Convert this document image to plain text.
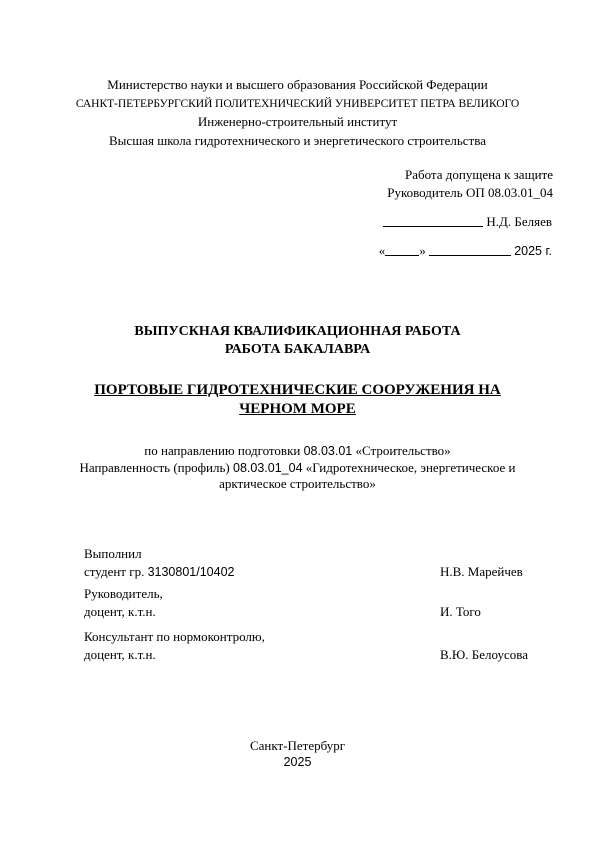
Министерство науки и высшего образования Российской Федерации
САНКТ-ПЕТЕРБУРГСКИЙ ПОЛИТЕХНИЧЕСКИЙ УНИВЕРСИТЕТ ПЕТРА ВЕЛИКОГО
Инженерно-строительный институт
Высшая школа гидротехнического и энергетического строительства
Работа допущена к защите
Руководитель ОП 08.03.01_04
Н.Д. Беляев
«	»	2025 г.
ВЫПУСКНАЯ КВАЛИФИКАЦИОННАЯ РАБОТА
РАБОТА БАКАЛАВРА
ПОРТОВЫЕ ГИДРОТЕХНИЧЕСКИЕ СООРУЖЕНИЯ НА
ЧЕРНОМ МОРЕ
по направлению подготовки 08.03.01 «Строительство»
Направленность (профиль) 08.03.01_04 «Гидротехническое, энергетическое и
арктическое строительство»
Выполнил
студент гр. 3130801/10402	Н.В. Марейчев
Руководитель,
доцент, к.т.н.	И. Того
Консультант по нормоконтролю,
доцент, к.т.н.	В.Ю. Белоусова
Санкт-Петербург
2025
